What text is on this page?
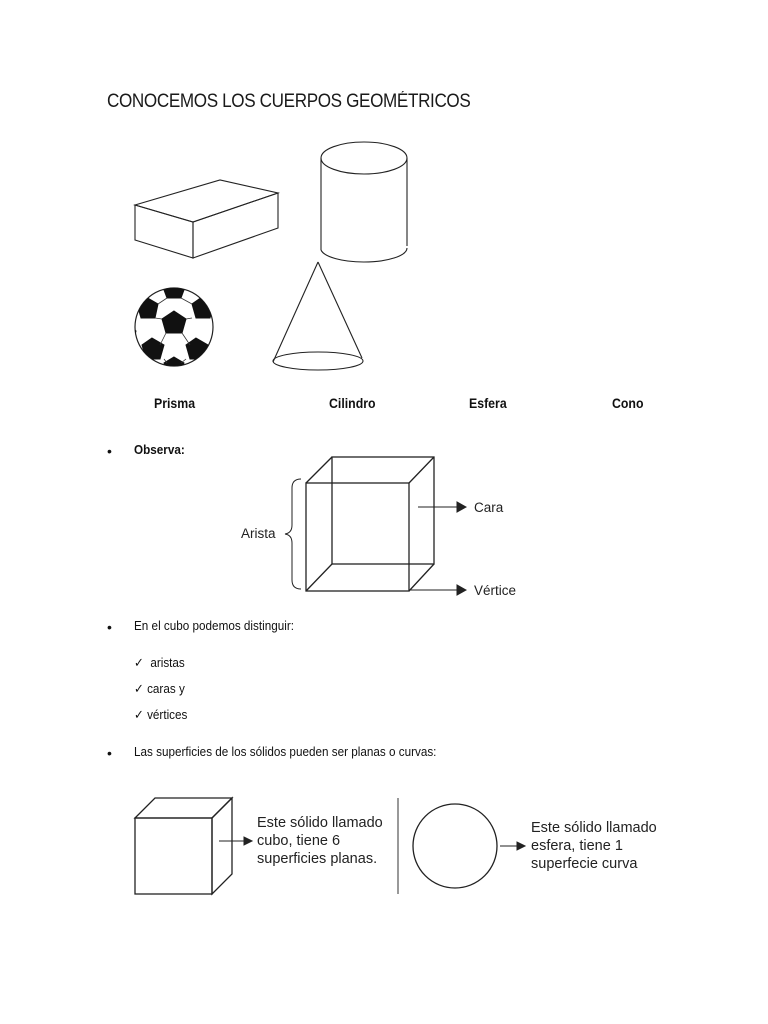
CONOCEMOS LOS CUERPOS GEOMÉTRICOS
Prisma	Cilindro	Esfera	Cono
• Observa:
Arista
Cara
Vértice
• En el cubo podemos distinguir:
✓ aristas
✓ caras y
✓ vértices
• Las superficies de los sólidos pueden ser planas o curvas:
Este sólido llamado
cubo, tiene 6
superficies planas.
Este sólido llamado
esfera, tiene 1
superfecie curva
